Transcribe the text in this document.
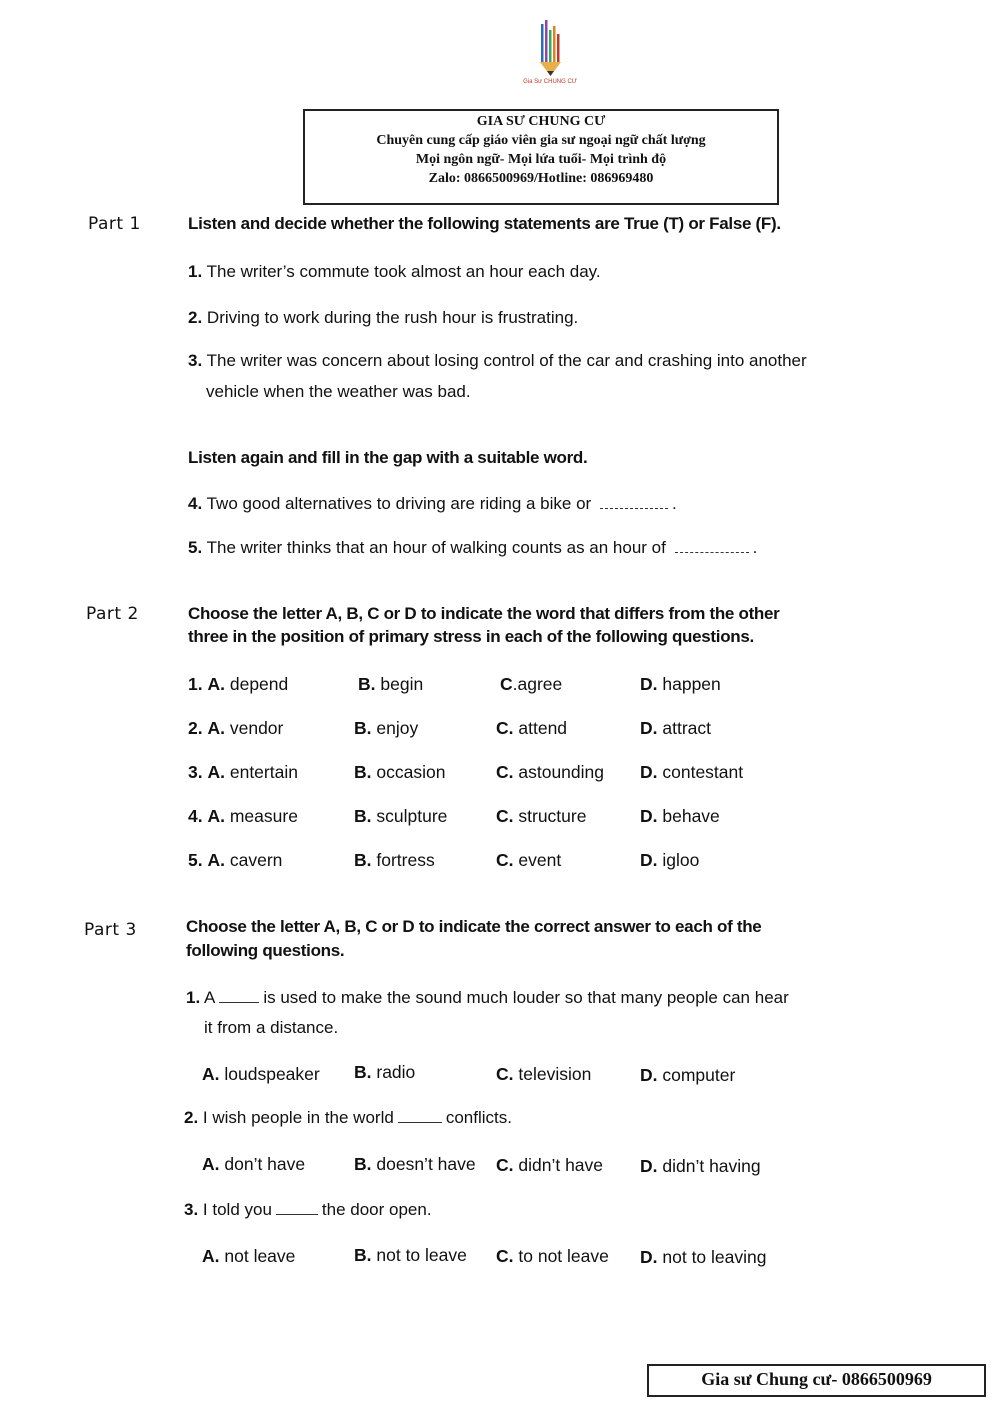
Gia Sư CHUNG CƯ
GIA SƯ CHUNG CƯ
Chuyên cung cấp giáo viên gia sư ngoại ngữ chất lượng
Mọi ngôn ngữ- Mọi lứa tuổi- Mọi trình độ
Zalo: 0866500969/Hotline: 086969480
Part 1	Listen and decide whether the following statements are True (T) or False (F).
1. The writer’s commute took almost an hour each day.
2. Driving to work during the rush hour is frustrating.
3. The writer was concern about losing control of the car and crashing into another
vehicle when the weather was bad.
Listen again and fill in the gap with a suitable word.
4. Two good alternatives to driving are riding a bike or	.
5. The writer thinks that an hour of walking counts as an hour of	.
Part 2	Choose the letter A, B, C or D to indicate the word that differs from the other
three in the position of primary stress in each of the following questions.
1. A. depend	B. begin	C.agree	D. happen
2. A. vendor	B. enjoy	C. attend	D. attract
3. A. entertain	B. occasion	C. astounding D. contestant
4. A. measure	B. sculpture	C. structure	D. behave
5. A. cavern	B. fortress	C. event	D. igloo
Part 3	Choose the letter A, B, C or D to indicate the correct answer to each of the
following questions.
1. A	is used to make the sound much louder so that many people can hear
it from a distance.
A. loudspeaker B. radio	C. television	D. computer
2. I wish people in the world	conflicts.
A. don’t have	B. doesn’t have C. didn’t have D. didn’t having
3. I told you	the door open.
A. not leave	B. not to leave C. to not leave D. not to leaving
Gia sư Chung cư- 0866500969
